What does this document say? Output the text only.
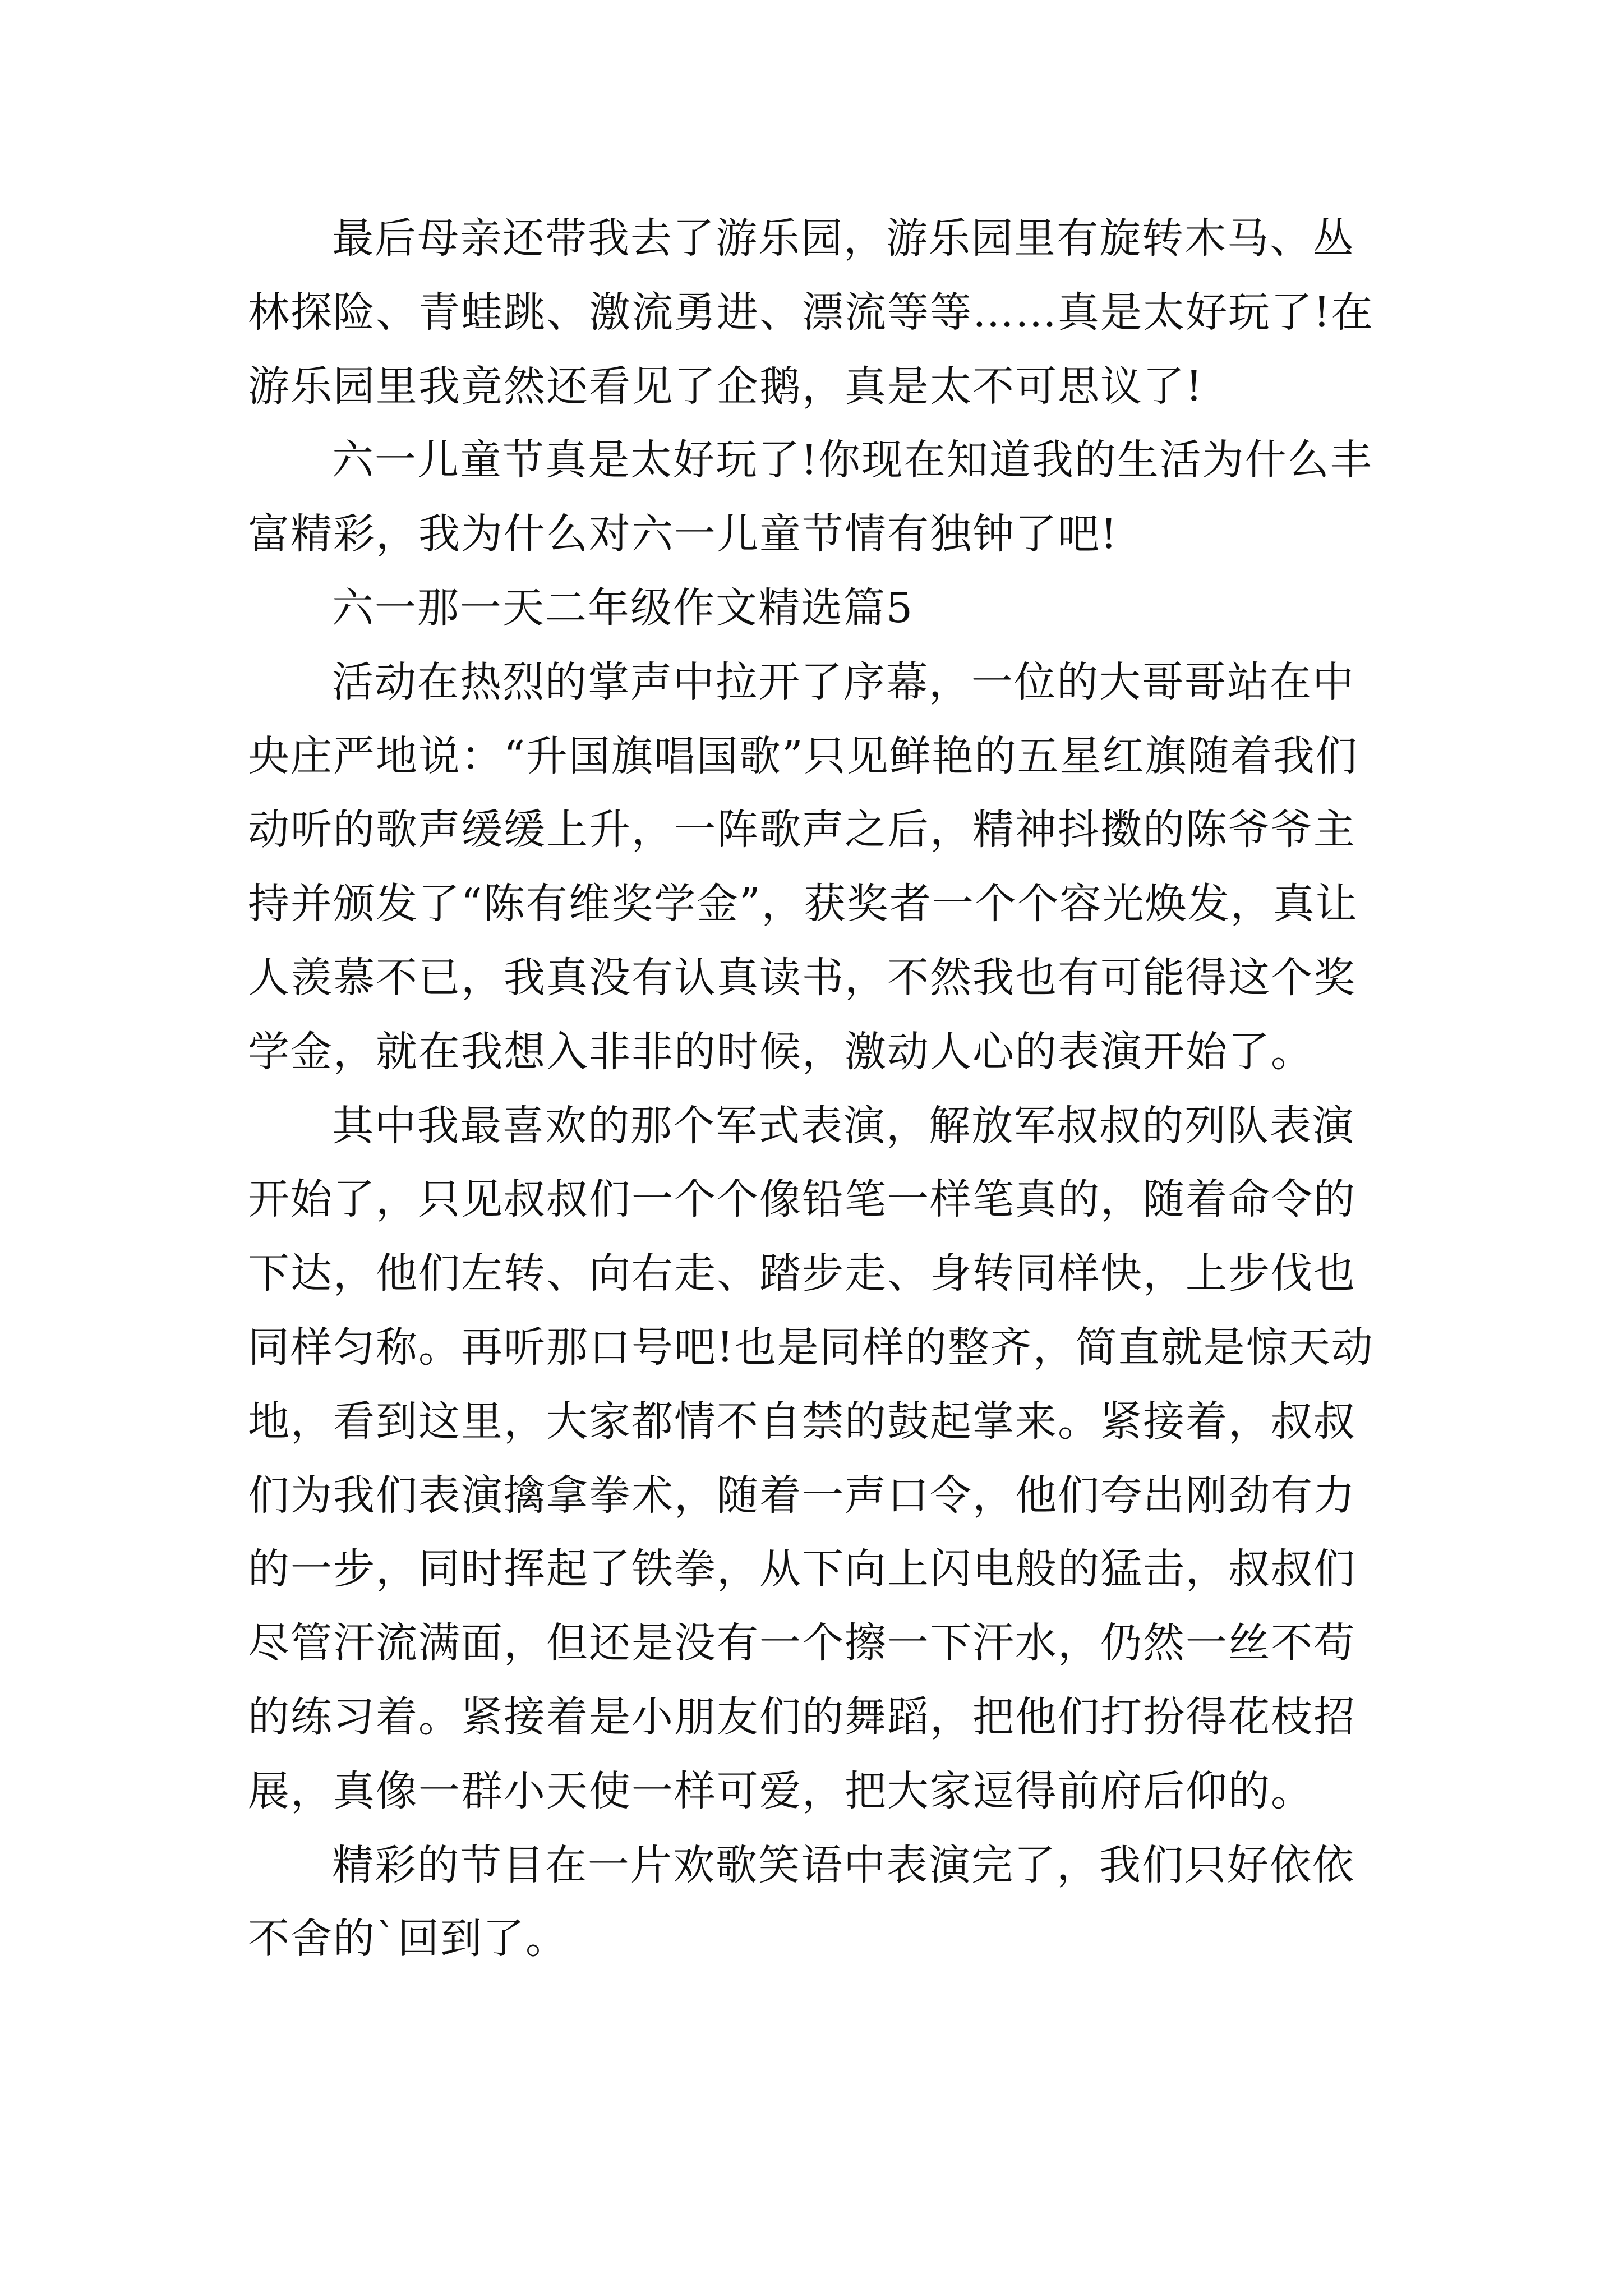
最后母亲还带我去了游乐园，游乐园里有旋转木马、丛林探险、青蛙跳、激流勇进、漂流等等……真是太好玩了!在游乐园里我竟然还看见了企鹅，真是太不可思议了!

六一儿童节真是太好玩了!你现在知道我的生活为什么丰富精彩，我为什么对六一儿童节情有独钟了吧!

六一那一天二年级作文精选篇5

活动在热烈的掌声中拉开了序幕，一位的大哥哥站在中央庄严地说：“升国旗唱国歌”只见鲜艳的五星红旗随着我们动听的歌声缓缓上升，一阵歌声之后，精神抖擞的陈爷爷主持并颁发了“陈有维奖学金”，获奖者一个个容光焕发，真让人羡慕不已，我真没有认真读书，不然我也有可能得这个奖学金，就在我想入非非的时候，激动人心的表演开始了。

其中我最喜欢的那个军式表演，解放军叔叔的列队表演开始了，只见叔叔们一个个像铅笔一样笔真的，随着命令的下达，他们左转、向右走、踏步走、身转同样快，上步伐也同样匀称。再听那口号吧!也是同样的整齐，简直就是惊天动地，看到这里，大家都情不自禁的鼓起掌来。紧接着，叔叔们为我们表演擒拿拳术，随着一声口令，他们夸出刚劲有力的一步，同时挥起了铁拳，从下向上闪电般的猛击，叔叔们尽管汗流满面，但还是没有一个擦一下汗水，仍然一丝不苟的练习着。紧接着是小朋友们的舞蹈，把他们打扮得花枝招展，真像一群小天使一样可爱，把大家逗得前府后仰的。

精彩的节目在一片欢歌笑语中表演完了，我们只好依依不舍的`回到了。
